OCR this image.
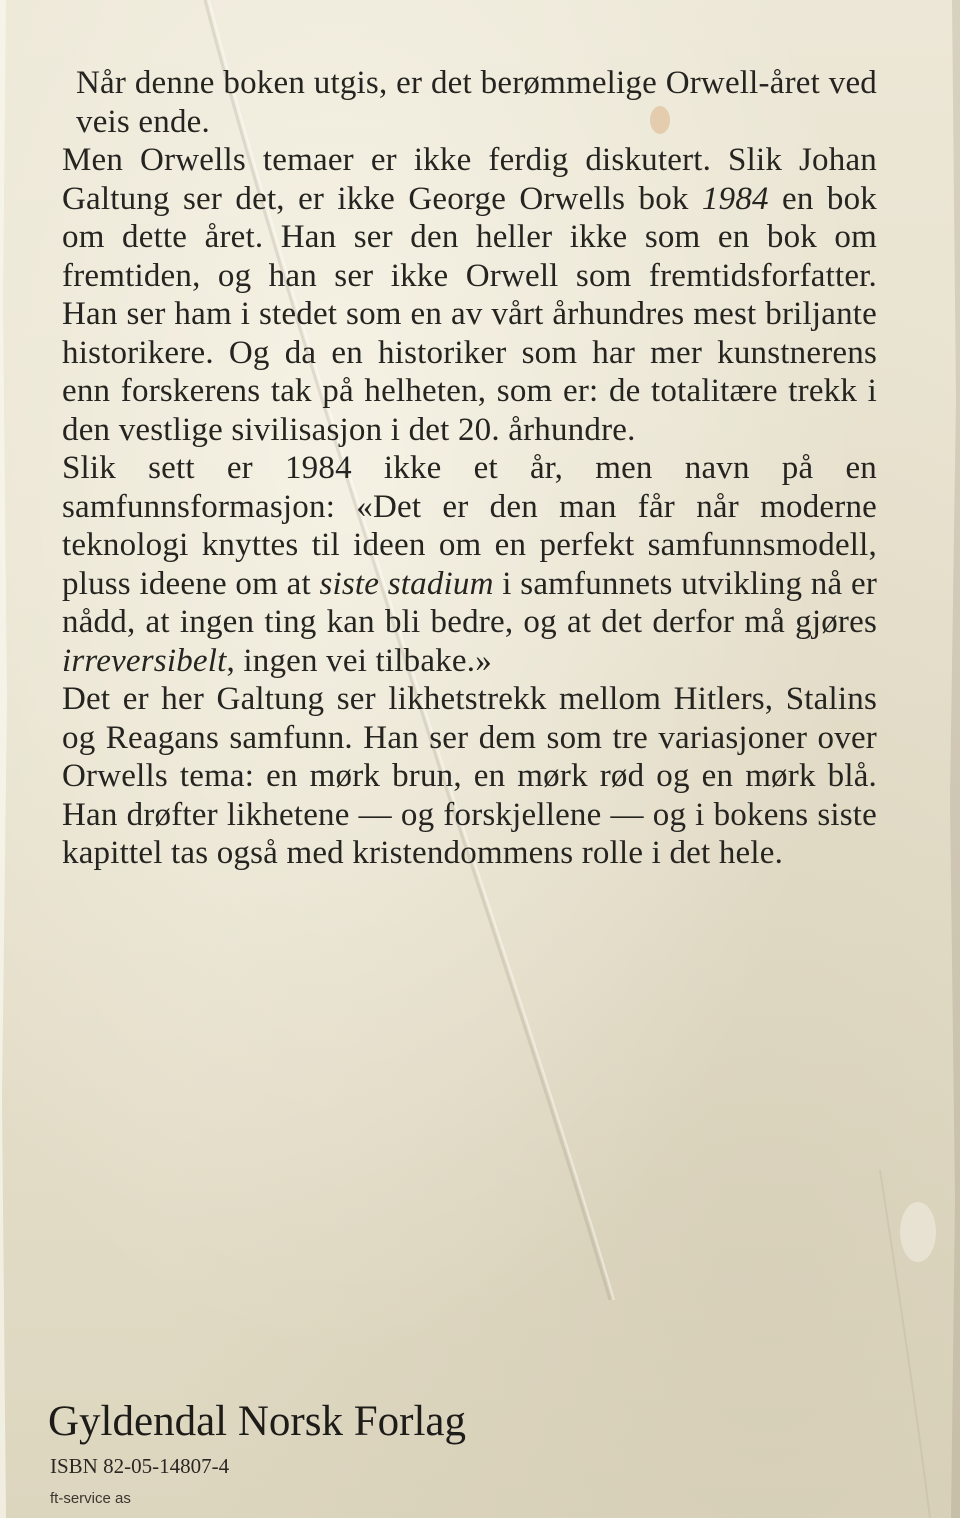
Når denne boken utgis, er det berømmelige Orwell-året ved veis ende.

Men Orwells temaer er ikke ferdig diskutert. Slik Johan Galtung ser det, er ikke George Orwells bok 1984 en bok om dette året. Han ser den heller ikke som en bok om fremtiden, og han ser ikke Orwell som fremtidsforfatter. Han ser ham i stedet som en av vårt århundres mest briljante historikere. Og da en historiker som har mer kunstnerens enn forskerens tak på helheten, som er: de totalitære trekk i den vestlige sivilisasjon i det 20. århundre.

Slik sett er 1984 ikke et år, men navn på en samfunnsformasjon: «Det er den man får når moderne teknologi knyttes til ideen om en perfekt samfunnsmodell, pluss ideene om at siste stadium i samfunnets utvikling nå er nådd, at ingen ting kan bli bedre, og at det derfor må gjøres irreversibelt, ingen vei tilbake.»

Det er her Galtung ser likhetstrekk mellom Hitlers, Stalins og Reagans samfunn. Han ser dem som tre variasjoner over Orwells tema: en mørk brun, en mørk rød og en mørk blå. Han drøfter likhetene — og forskjellene — og i bokens siste kapittel tas også med kristendommens rolle i det hele.

Gyldendal Norsk Forlag
ISBN 82-05-14807-4
ft-service as
